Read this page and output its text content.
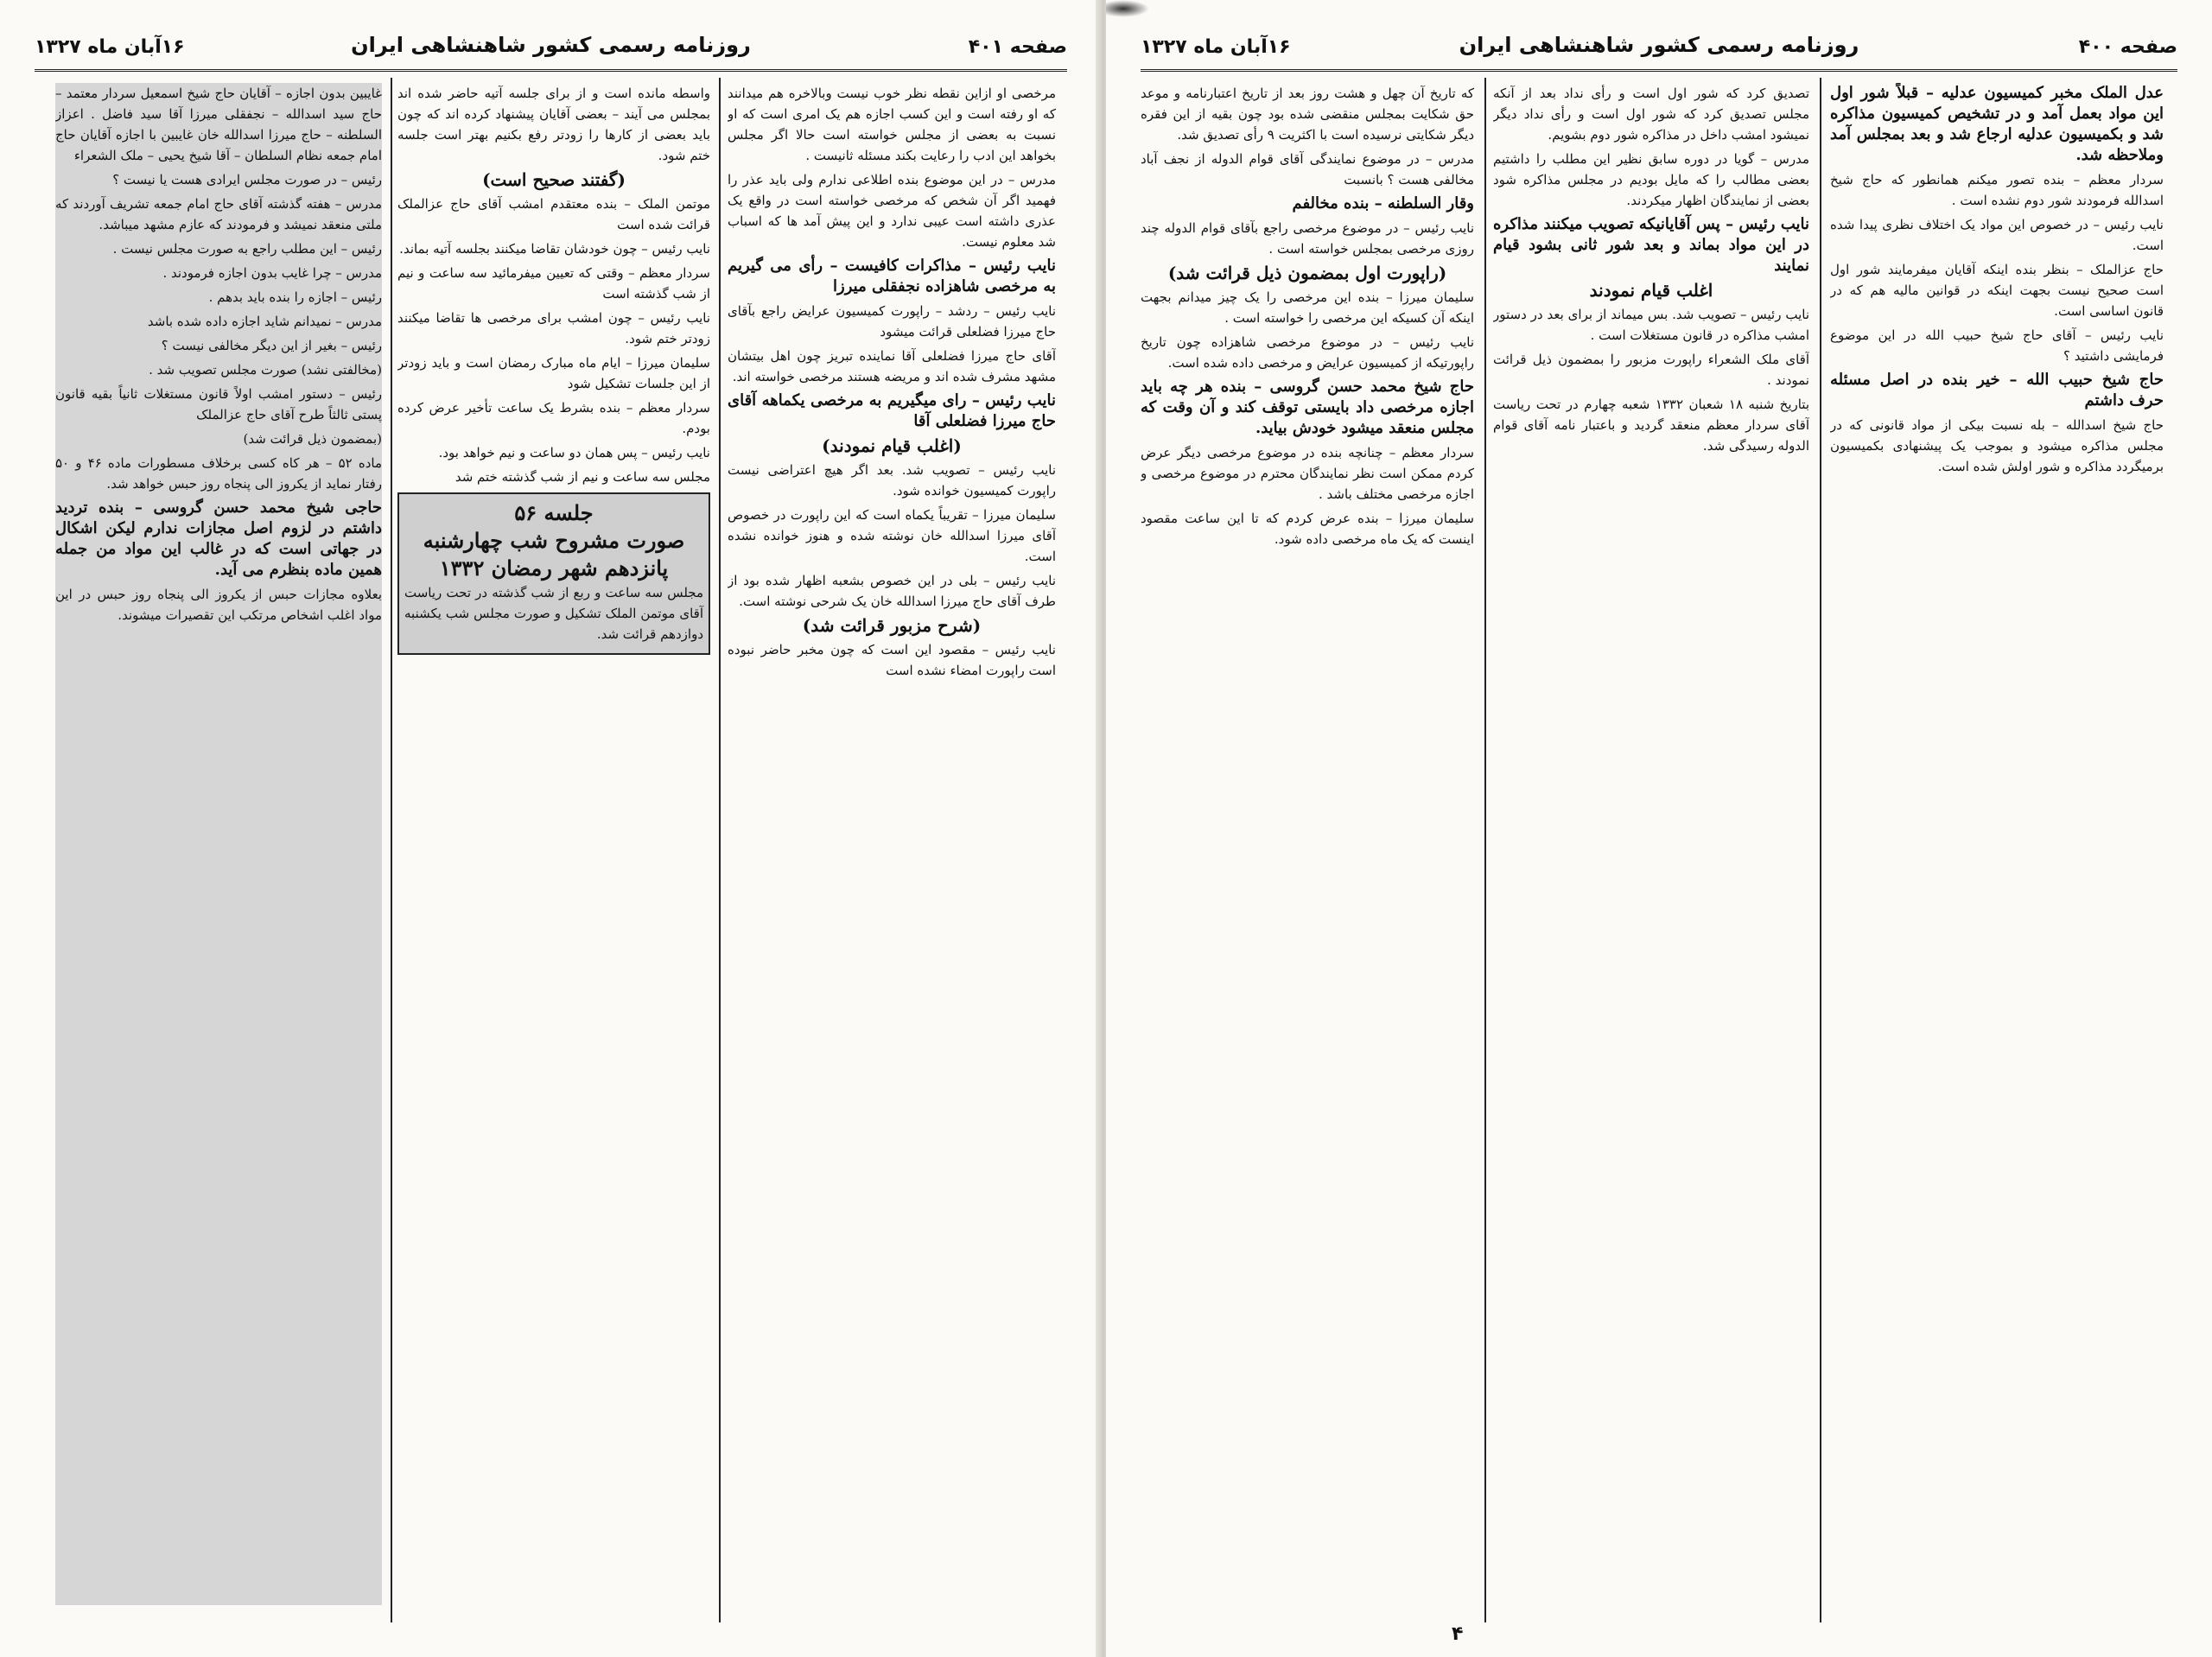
۱۶آبان ماه ۱۳۲۷	روزنامه رسمی کشور شاهنشاهی ایران	صفحه ۴۰۱

مرخصی او ازاین نقطه نظر خوب نیست وبالاخره هم میدانند که او رفته است و این کسب اجازه هم یک امری است که او نسبت به بعضی از مجلس خواسته است حالا اگر مجلس بخواهد این ادب را رعایت بکند مسئله ثانیست .

مدرس – در این موضوع بنده اطلاعی ندارم ولی باید عذر را فهمید اگر آن شخص که مرخصی خواسته است در واقع یک عذری داشته است عیبی ندارد و این پیش آمد ها که اسباب شد معلوم نیست.

نایب رئیس – مذاکرات کافیست – رأی می گیریم به مرخصی شاهزاده نجفقلی میرزا

نایب رئیس – ردشد – راپورت کمیسیون عرایض راجع بآقای حاج میرزا فضلعلی قرائت میشود

آقای حاج میرزا فضلعلی آقا نماینده تبریز چون اهل بیتشان مشهد مشرف شده اند و مریضه هستند مرخصی خواسته اند.

نایب رئیس – رای میگیریم به مرخصی یکماهه آقای حاج میرزا فضلعلی آقا

(اغلب قیام نمودند)

نایب رئیس – تصویب شد. بعد اگر هیچ اعتراضی نیست راپورت کمیسیون خوانده شود.

سلیمان میرزا – تقریباً یکماه است که این راپورت در خصوص آقای میرزا اسدالله خان نوشته شده و هنوز خوانده نشده است.

نایب رئیس – بلی در این خصوص بشعبه اظهار شده بود از طرف آقای حاج میرزا اسدالله خان یک شرحی نوشته است.

(شرح مزبور قرائت شد)

نایب رئیس – مقصود این است که چون مخبر حاضر نبوده است راپورت امضاء نشده است

واسطه مانده است و از برای جلسه آتیه حاضر شده اند بمجلس می آیند – بعضی آقایان پیشنهاد کرده اند که چون باید بعضی از کارها را زودتر رفع بکنیم بهتر است جلسه ختم شود.

(گفتند صحیح است)

موتمن الملک – بنده معتقدم امشب آقای حاج عزالملک قرائت شده است

نایب رئیس – چون خودشان تقاضا میکنند بجلسه آتیه بماند.

سردار معظم – وقتی که تعیین میفرمائید سه ساعت و نیم از شب گذشته است

نایب رئیس – چون امشب برای مرخصی ها تقاضا میکنند زودتر ختم شود.

سلیمان میرزا – ایام ماه مبارک رمضان است و باید زودتر از این جلسات تشکیل شود

سردار معظم – بنده بشرط یک ساعت تأخیر عرض کرده بودم.

نایب رئیس – پس همان دو ساعت و نیم خواهد بود.

مجلس سه ساعت و نیم از شب گذشته ختم شد

جلسه ۵۶
صورت مشروح شب چهارشنبه پانزدهم شهر رمضان ۱۳۳۲

مجلس سه ساعت و ربع از شب گذشته در تحت ریاست آقای موتمن الملک تشکیل و صورت مجلس شب یکشنبه دوازدهم قرائت شد.

غایبین بدون اجازه – آقایان حاج شیخ اسمعیل سردار معتمد – حاج سید اسدالله – نجفقلی میرزا آقا سید فاضل . اعزاز السلطنه – حاج میرزا اسدالله خان غایبین با اجازه آقایان حاج امام جمعه نظام السلطان – آقا شیخ یحیی – ملک الشعراء

رئیس – در صورت مجلس ایرادی هست یا نیست ؟

مدرس – هفته گذشته آقای حاج امام جمعه تشریف آوردند که ملتی منعقد نمیشد و فرمودند که عازم مشهد میباشد.

رئیس – این مطلب راجع به صورت مجلس نیست .

مدرس – چرا غایب بدون اجازه فرمودند .

رئیس – اجازه را بنده باید بدهم .

مدرس – نمیدانم شاید اجازه داده شده باشد

رئیس – بغیر از این دیگر مخالفی نیست ؟

(مخالفتی نشد) صورت مجلس تصویب شد .

رئیس – دستور امشب اولاً قانون مستغلات ثانیاً بقیه قانون پستی ثالثاً طرح آقای حاج عزالملک

(بمضمون ذیل قرائت شد)

ماده ۵۲ – هر کاه کسی برخلاف مسطورات ماده ۴۶ و ۵۰ رفتار نماید از یکروز الی پنجاه روز حبس خواهد شد.

حاجی شیخ محمد حسن گروسی – بنده تردید داشتم در لزوم اصل مجازات ندارم لیکن اشکال در جهاتی است که در غالب این مواد من جمله همین ماده بنظرم می آید.

بعلاوه مجازات حبس از یکروز الی پنجاه روز حبس در این مواد اغلب اشخاص مرتکب این تقصیرات میشوند.

۱۶آبان ماه ۱۳۲۷	روزنامه رسمی کشور شاهنشاهی ایران	صفحه ۴۰۰

عدل الملک مخبر کمیسیون عدلیه – قبلاً شور اول این مواد بعمل آمد و در تشخیص کمیسیون مذاکره شد و بکمیسیون عدلیه ارجاع شد و بعد بمجلس آمد وملاحظه شد.

سردار معظم – بنده تصور میکنم همانطور که حاج شیخ اسدالله فرمودند شور دوم نشده است .

نایب رئیس – در خصوص این مواد یک اختلاف نظری پیدا شده است.

حاج عزالملک – بنظر بنده اینکه آقایان میفرمایند شور اول است صحیح نیست بجهت اینکه در قوانین مالیه هم که در قانون اساسی است.

نایب رئیس – آقای حاج شیخ حبیب الله در این موضوع فرمایشی داشتید ؟

حاج شیخ حبیب الله – خیر بنده در اصل مسئله حرف داشتم

حاج شیخ اسدالله – بله نسبت بیکی از مواد قانونی که در مجلس مذاکره میشود و بموجب یک پیشنهادی بکمیسیون برمیگردد مذاکره و شور اولش شده است.

تصدیق کرد که شور اول است و رأی نداد بعد از آنکه مجلس تصدیق کرد که شور اول است و رأی نداد دیگر نمیشود امشب داخل در مذاکره شور دوم بشویم.

مدرس – گویا در دوره سابق نظیر این مطلب را داشتیم بعضی مطالب را که مایل بودیم در مجلس مذاکره شود بعضی از نمایندگان اظهار میکردند.

نایب رئیس – پس آقایانیکه تصویب میکنند مذاکره در این مواد بماند و بعد شور ثانی بشود قیام نمایند

اغلب قیام نمودند

نایب رئیس – تصویب شد. بس میماند از برای بعد در دستور امشب مذاکره در قانون مستغلات است .

آقای ملک الشعراء راپورت مزبور را بمضمون ذیل قرائت نمودند .

بتاریخ شنبه ۱۸ شعبان ۱۳۳۲ شعبه چهارم در تحت ریاست آقای سردار معظم منعقد گردید و باعتبار نامه آقای قوام الدوله رسیدگی شد.

که تاریخ آن چهل و هشت روز بعد از تاریخ اعتبارنامه و موعد حق شکایت بمجلس منقضی شده بود چون بقیه از این فقره دیگر شکایتی نرسیده است با اکثریت ۹ رأی تصدیق شد.

مدرس – در موضوع نمایندگی آقای قوام الدوله از نجف آباد مخالفی هست ؟ بانسبت

وقار السلطنه – بنده مخالفم

نایب رئیس – در موضوع مرخصی راجع بآقای قوام الدوله چند روزی مرخصی بمجلس خواسته است .

(راپورت اول بمضمون ذیل قرائت شد)

سلیمان میرزا – بنده این مرخصی را یک چیز میدانم بجهت اینکه آن کسیکه این مرخصی را خواسته است .

نایب رئیس – در موضوع مرخصی شاهزاده چون تاریخ راپورتیکه از کمیسیون عرایض و مرخصی داده شده است.

حاج شیخ محمد حسن گروسی – بنده هر چه باید اجازه مرخصی داد بایستی توقف کند و آن وقت که مجلس منعقد میشود خودش بیاید.

سردار معظم – چنانچه بنده در موضوع مرخصی دیگر عرض کردم ممکن است نظر نمایندگان محترم در موضوع مرخصی و اجازه مرخصی مختلف باشد .

سلیمان میرزا – بنده عرض کردم که تا این ساعت مقصود اینست که یک ماه مرخصی داده شود.

۴
